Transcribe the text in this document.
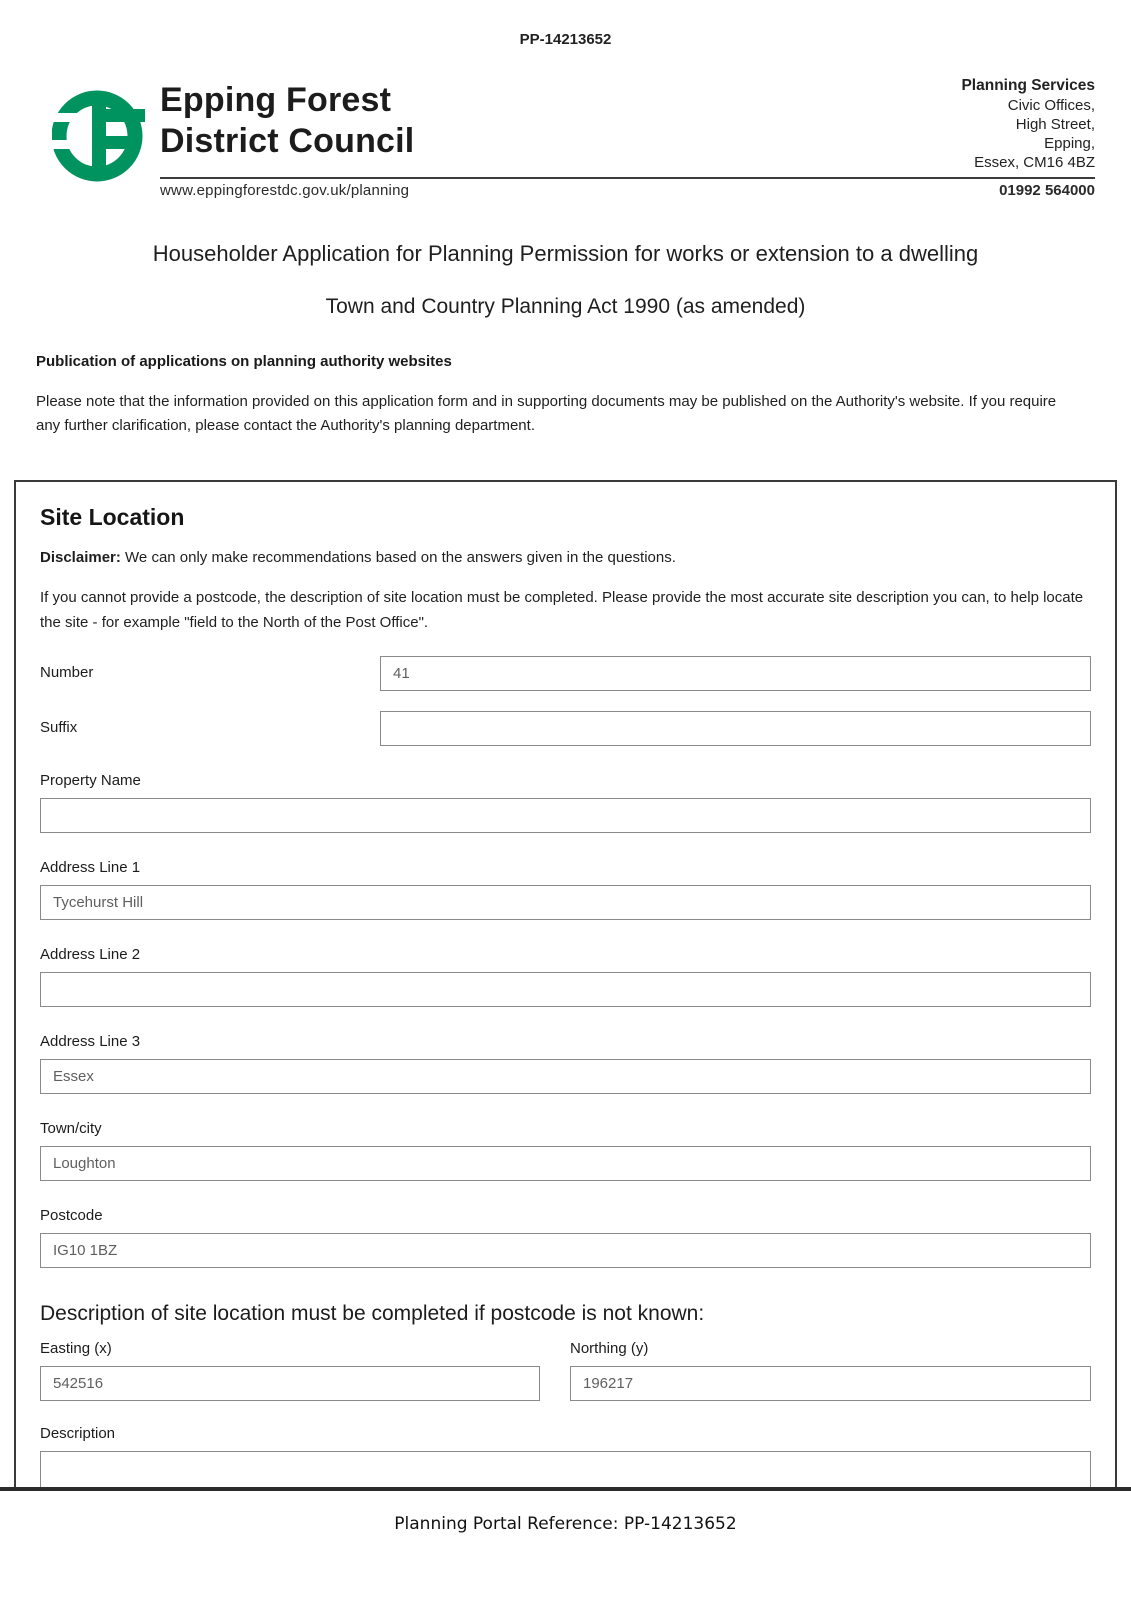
PP-14213652
Epping Forest
District Council
Planning Services
Civic Offices,
High Street,
Epping,
Essex, CM16 4BZ
www.eppingforestdc.gov.uk/planning	01992 564000
Householder Application for Planning Permission for works or extension to a dwelling
Town and Country Planning Act 1990 (as amended)
Publication of applications on planning authority websites
Please note that the information provided on this application form and in supporting documents may be published on the Authority's website. If you require any further clarification, please contact the Authority's planning department.
Site Location
Disclaimer: We can only make recommendations based on the answers given in the questions.
If you cannot provide a postcode, the description of site location must be completed. Please provide the most accurate site description you can, to help locate the site - for example "field to the North of the Post Office".
Number
41
Suffix
Property Name
Address Line 1
Tycehurst Hill
Address Line 2
Address Line 3
Essex
Town/city
Loughton
Postcode
IG10 1BZ
Description of site location must be completed if postcode is not known:
Easting (x)
542516	Northing (y)
196217
Description
Planning Portal Reference: PP-14213652
